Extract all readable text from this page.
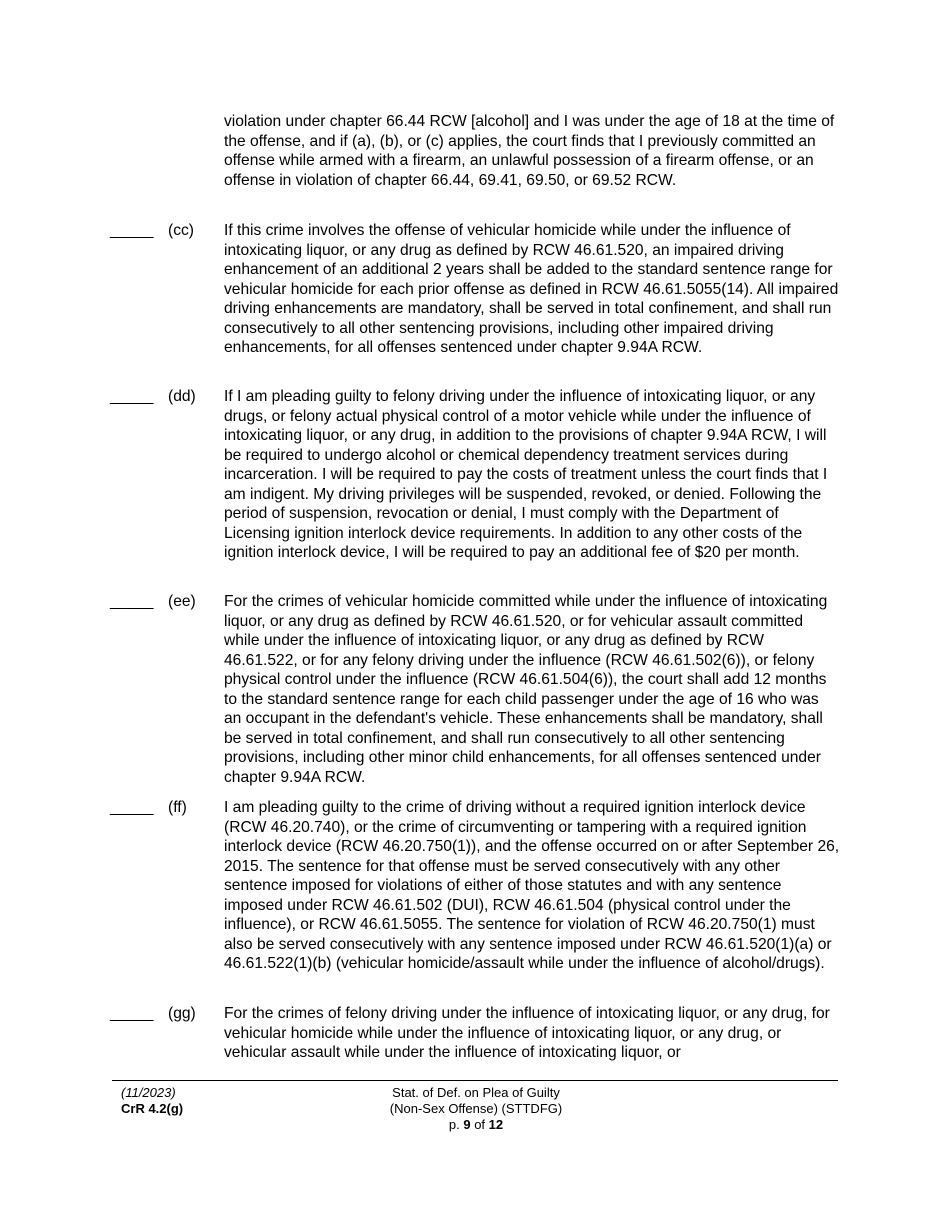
violation under chapter 66.44 RCW [alcohol] and I was under the age of 18 at the time of the offense, and if (a), (b), or (c) applies, the court finds that I previously committed an offense while armed with a firearm, an unlawful possession of a firearm offense, or an offense in violation of chapter 66.44, 69.41, 69.50, or 69.52 RCW.
_____ (cc) If this crime involves the offense of vehicular homicide while under the influence of intoxicating liquor, or any drug as defined by RCW 46.61.520, an impaired driving enhancement of an additional 2 years shall be added to the standard sentence range for vehicular homicide for each prior offense as defined in RCW 46.61.5055(14). All impaired driving enhancements are mandatory, shall be served in total confinement, and shall run consecutively to all other sentencing provisions, including other impaired driving enhancements, for all offenses sentenced under chapter 9.94A RCW.
_____ (dd) If I am pleading guilty to felony driving under the influence of intoxicating liquor, or any drugs, or felony actual physical control of a motor vehicle while under the influence of intoxicating liquor, or any drug, in addition to the provisions of chapter 9.94A RCW, I will be required to undergo alcohol or chemical dependency treatment services during incarceration. I will be required to pay the costs of treatment unless the court finds that I am indigent. My driving privileges will be suspended, revoked, or denied. Following the period of suspension, revocation or denial, I must comply with the Department of Licensing ignition interlock device requirements. In addition to any other costs of the ignition interlock device, I will be required to pay an additional fee of $20 per month.
_____ (ee) For the crimes of vehicular homicide committed while under the influence of intoxicating liquor, or any drug as defined by RCW 46.61.520, or for vehicular assault committed while under the influence of intoxicating liquor, or any drug as defined by RCW 46.61.522, or for any felony driving under the influence (RCW 46.61.502(6)), or felony physical control under the influence (RCW 46.61.504(6)), the court shall add 12 months to the standard sentence range for each child passenger under the age of 16 who was an occupant in the defendant's vehicle. These enhancements shall be mandatory, shall be served in total confinement, and shall run consecutively to all other sentencing provisions, including other minor child enhancements, for all offenses sentenced under chapter 9.94A RCW.
_____ (ff) I am pleading guilty to the crime of driving without a required ignition interlock device (RCW 46.20.740), or the crime of circumventing or tampering with a required ignition interlock device (RCW 46.20.750(1)), and the offense occurred on or after September 26, 2015. The sentence for that offense must be served consecutively with any other sentence imposed for violations of either of those statutes and with any sentence imposed under RCW 46.61.502 (DUI), RCW 46.61.504 (physical control under the influence), or RCW 46.61.5055. The sentence for violation of RCW 46.20.750(1) must also be served consecutively with any sentence imposed under RCW 46.61.520(1)(a) or 46.61.522(1)(b) (vehicular homicide/assault while under the influence of alcohol/drugs).
_____ (gg) For the crimes of felony driving under the influence of intoxicating liquor, or any drug, for vehicular homicide while under the influence of intoxicating liquor, or any drug, or vehicular assault while under the influence of intoxicating liquor, or
(11/2023)
CrR 4.2(g)
Stat. of Def. on Plea of Guilty
(Non-Sex Offense) (STTDFG)
p. 9 of 12
